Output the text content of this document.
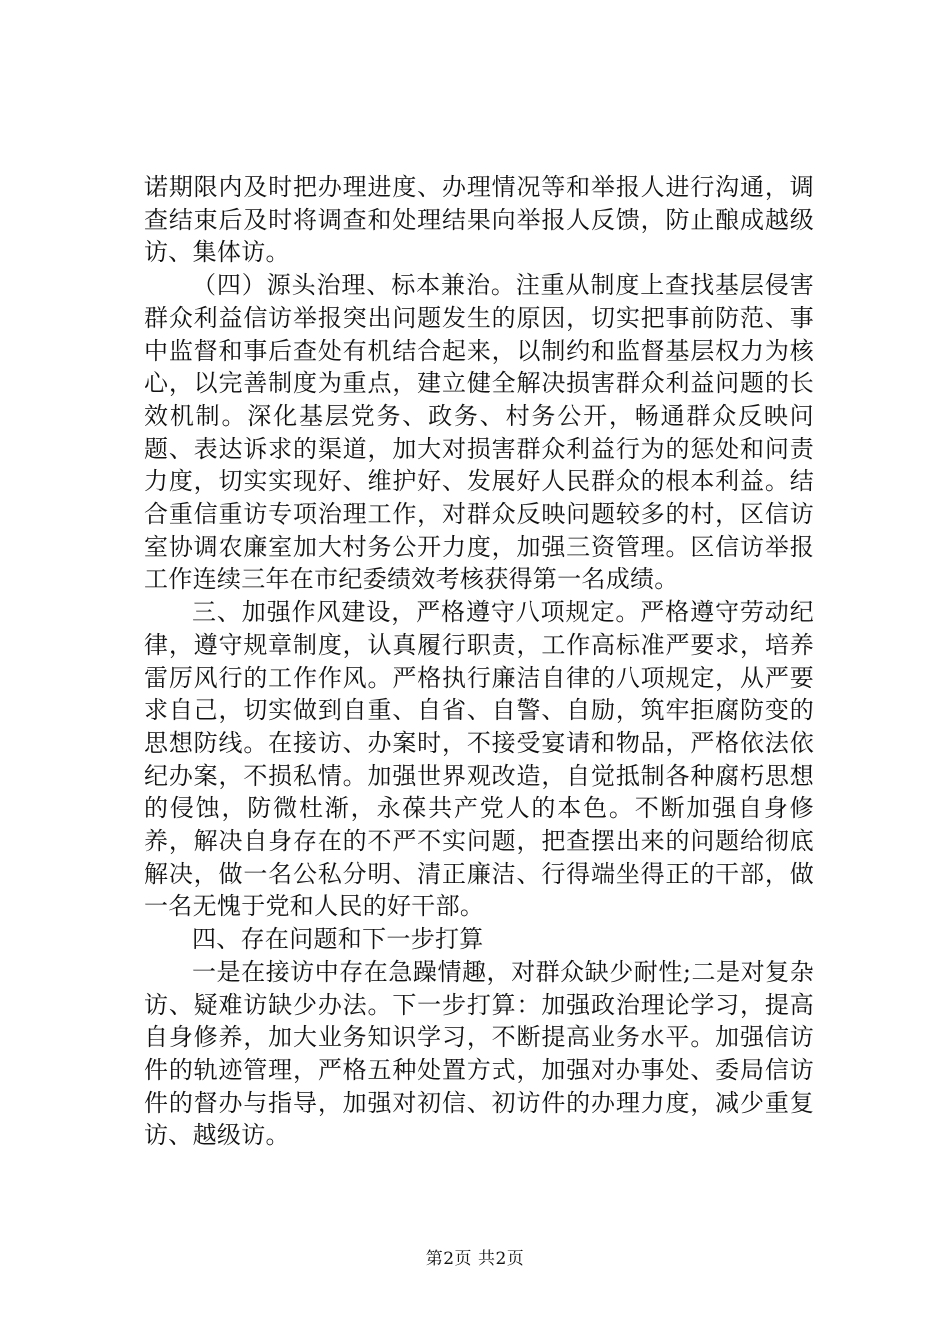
诺期限内及时把办理进度、办理情况等和举报人进行沟通，调查结束后及时将调查和处理结果向举报人反馈，防止酿成越级访、集体访。

（四）源头治理、标本兼治。注重从制度上查找基层侵害群众利益信访举报突出问题发生的原因，切实把事前防范、事中监督和事后查处有机结合起来，以制约和监督基层权力为核心，以完善制度为重点，建立健全解决损害群众利益问题的长效机制。深化基层党务、政务、村务公开，畅通群众反映问题、表达诉求的渠道，加大对损害群众利益行为的惩处和问责力度，切实实现好、维护好、发展好人民群众的根本利益。结合重信重访专项治理工作，对群众反映问题较多的村，区信访室协调农廉室加大村务公开力度，加强三资管理。区信访举报工作连续三年在市纪委绩效考核获得第一名成绩。

三、加强作风建设，严格遵守八项规定。严格遵守劳动纪律，遵守规章制度，认真履行职责，工作高标准严要求，培养雷厉风行的工作作风。严格执行廉洁自律的八项规定，从严要求自己，切实做到自重、自省、自警、自励，筑牢拒腐防变的思想防线。在接访、办案时，不接受宴请和物品，严格依法依纪办案，不损私情。加强世界观改造，自觉抵制各种腐朽思想的侵蚀，防微杜渐，永葆共产党人的本色。不断加强自身修养，解决自身存在的不严不实问题，把查摆出来的问题给彻底解决，做一名公私分明、清正廉洁、行得端坐得正的干部，做一名无愧于党和人民的好干部。

四、存在问题和下一步打算

一是在接访中存在急躁情趣，对群众缺少耐性;二是对复杂访、疑难访缺少办法。下一步打算：加强政治理论学习，提高自身修养，加大业务知识学习，不断提高业务水平。加强信访件的轨迹管理，严格五种处置方式，加强对办事处、委局信访件的督办与指导，加强对初信、初访件的办理力度，减少重复访、越级访。

第2页 共2页
